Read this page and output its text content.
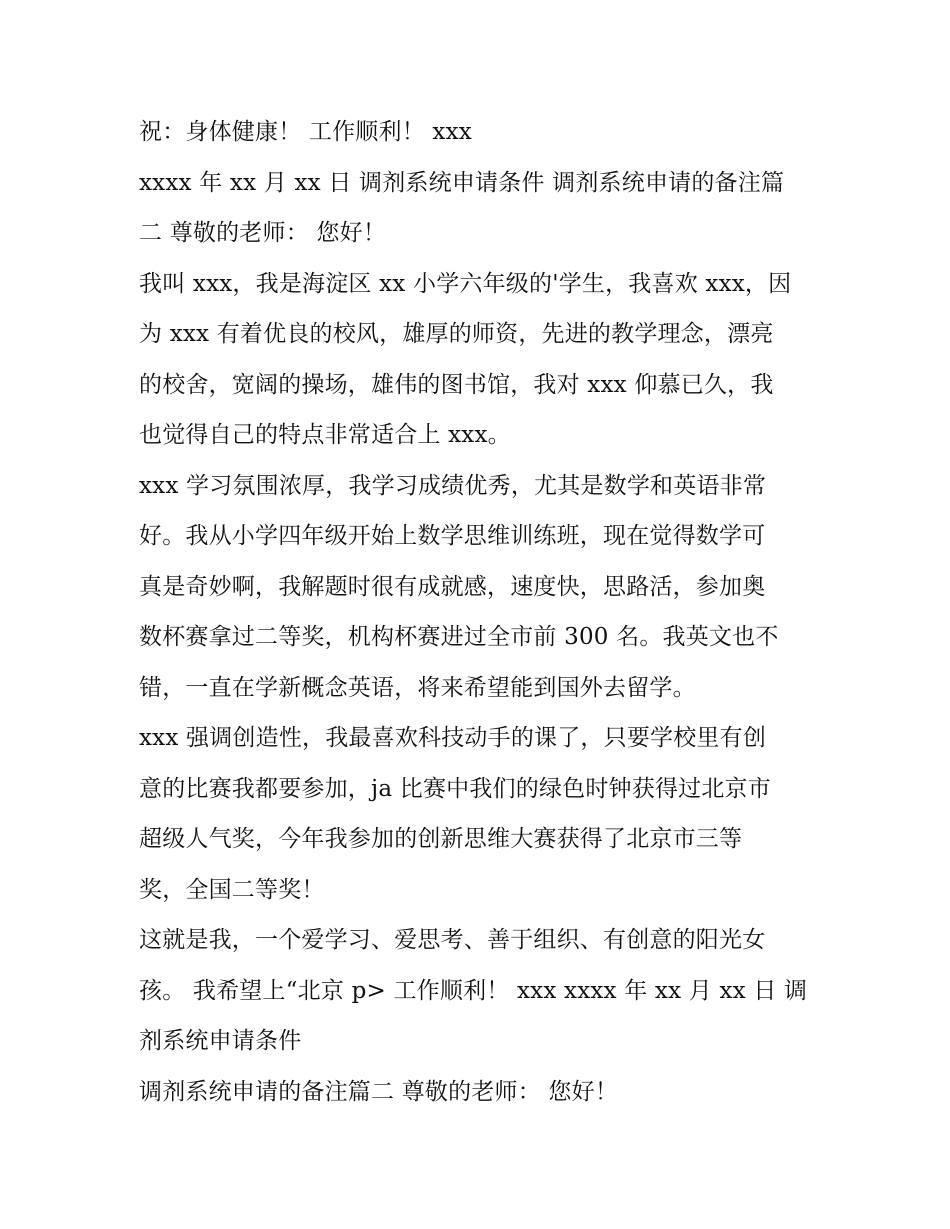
祝：身体健康！ 工作顺利！ xxx
xxxx 年 xx 月 xx 日 调剂系统申请条件 调剂系统申请的备注篇
二 尊敬的老师： 您好！
我叫 xxx，我是海淀区 xx 小学六年级的'学生，我喜欢 xxx，因
为 xxx 有着优良的校风，雄厚的师资，先进的教学理念，漂亮
的校舍，宽阔的操场，雄伟的图书馆，我对 xxx 仰慕已久，我
也觉得自己的特点非常适合上 xxx。
xxx 学习氛围浓厚，我学习成绩优秀，尤其是数学和英语非常
好。我从小学四年级开始上数学思维训练班，现在觉得数学可
真是奇妙啊，我解题时很有成就感，速度快，思路活，参加奥
数杯赛拿过二等奖，机构杯赛进过全市前 300 名。我英文也不
错，一直在学新概念英语，将来希望能到国外去留学。
xxx 强调创造性，我最喜欢科技动手的课了，只要学校里有创
意的比赛我都要参加，ja 比赛中我们的绿色时钟获得过北京市
超级人气奖，今年我参加的创新思维大赛获得了北京市三等
奖，全国二等奖！
这就是我，一个爱学习、爱思考、善于组织、有创意的阳光女
孩。 我希望上“北京 p> 工作顺利！ xxx xxxx 年 xx 月 xx 日 调
剂系统申请条件
调剂系统申请的备注篇二 尊敬的老师： 您好！
